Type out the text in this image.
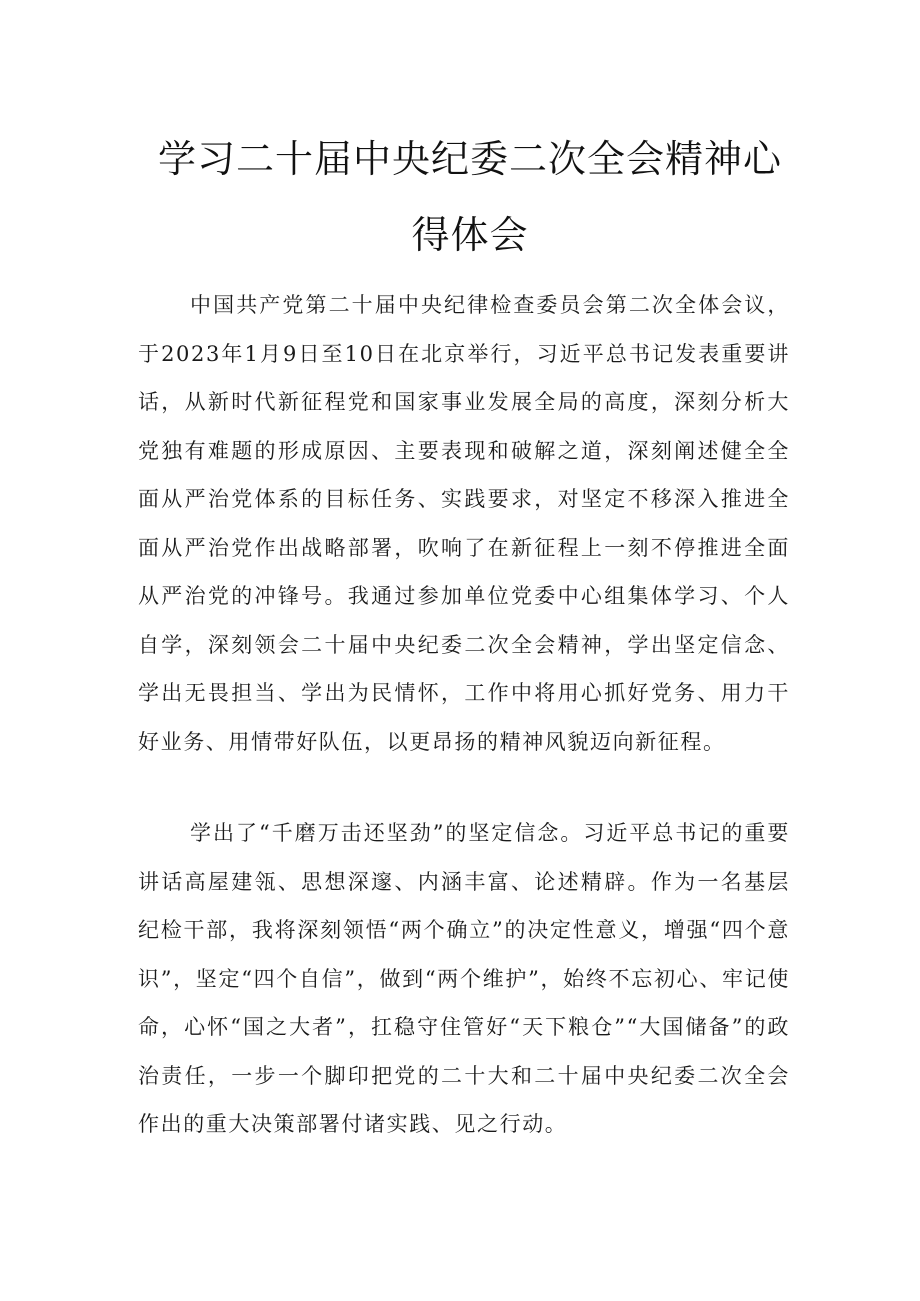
学习二十届中央纪委二次全会精神心得体会

中国共产党第二十届中央纪律检查委员会第二次全体会议，于2023年1月9日至10日在北京举行，习近平总书记发表重要讲话，从新时代新征程党和国家事业发展全局的高度，深刻分析大党独有难题的形成原因、主要表现和破解之道，深刻阐述健全全面从严治党体系的目标任务、实践要求，对坚定不移深入推进全面从严治党作出战略部署，吹响了在新征程上一刻不停推进全面从严治党的冲锋号。我通过参加单位党委中心组集体学习、个人自学，深刻领会二十届中央纪委二次全会精神，学出坚定信念、学出无畏担当、学出为民情怀，工作中将用心抓好党务、用力干好业务、用情带好队伍，以更昂扬的精神风貌迈向新征程。

学出了“千磨万击还坚劲”的坚定信念。习近平总书记的重要讲话高屋建瓴、思想深邃、内涵丰富、论述精辟。作为一名基层纪检干部，我将深刻领悟“两个确立”的决定性意义，增强“四个意识”，坚定“四个自信”，做到“两个维护”，始终不忘初心、牢记使命，心怀“国之大者”，扛稳守住管好“天下粮仓”“大国储备”的政治责任，一步一个脚印把党的二十大和二十届中央纪委二次全会作出的重大决策部署付诸实践、见之行动。
